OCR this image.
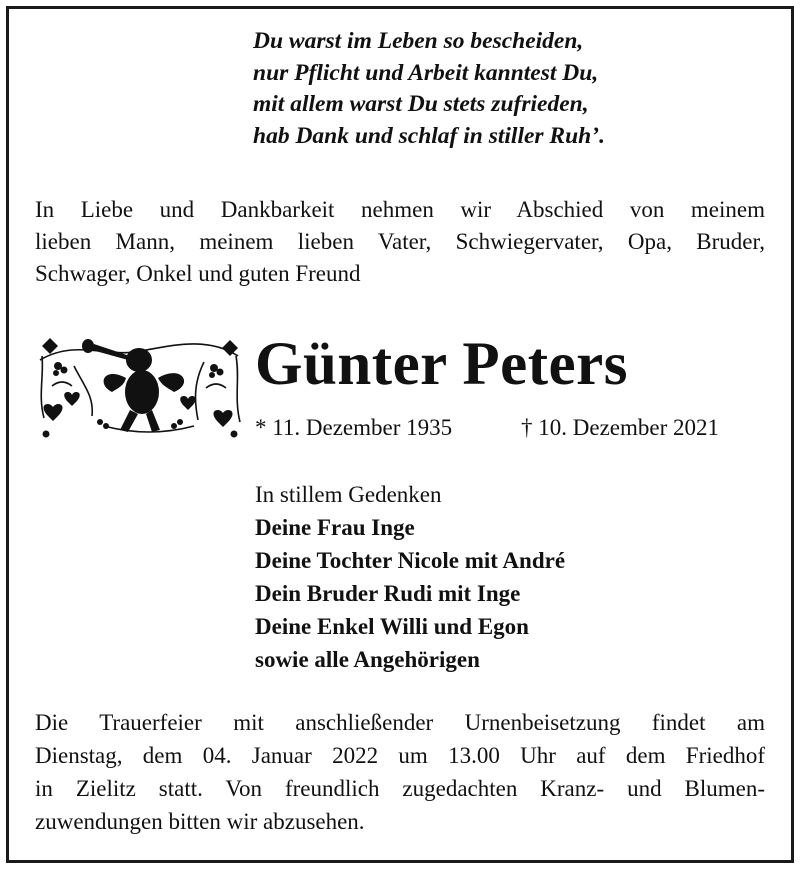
Du warst im Leben so bescheiden,
nur Pflicht und Arbeit kanntest Du,
mit allem warst Du stets zufrieden,
hab Dank und schlaf in stiller Ruh’.
In Liebe und Dankbarkeit nehmen wir Abschied von meinem
lieben Mann, meinem lieben Vater, Schwiegervater, Opa, Bruder,
Schwager, Onkel und guten Freund
Günter Peters
* 11. Dezember 1935	† 10. Dezember 2021
In stillem Gedenken
Deine Frau Inge
Deine Tochter Nicole mit André
Dein Bruder Rudi mit Inge
Deine Enkel Willi und Egon
sowie alle Angehörigen
Die Trauerfeier mit anschließender Urnenbeisetzung findet am
Dienstag, dem 04. Januar 2022 um 13.00 Uhr auf dem Friedhof
in Zielitz statt. Von freundlich zugedachten Kranz- und Blumen-
zuwendungen bitten wir abzusehen.
